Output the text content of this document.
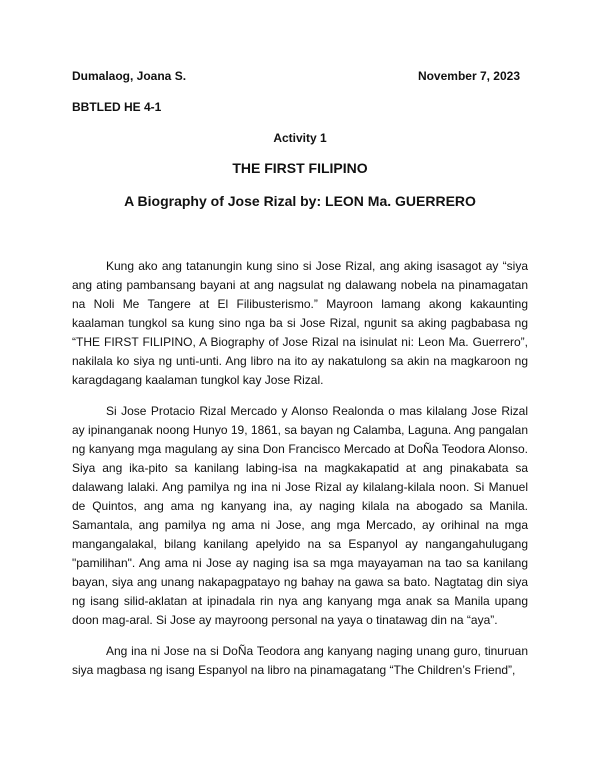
Dumalaog, Joana S.	November 7, 2023
BBTLED HE 4-1
Activity 1
THE FIRST FILIPINO
A Biography of Jose Rizal by: LEON Ma. GUERRERO

Kung ako ang tatanungin kung sino si Jose Rizal, ang aking isasagot ay “siya ang ating pambansang bayani at ang nagsulat ng dalawang nobela na pinamagatan na Noli Me Tangere at El Filibusterismo.” Mayroon lamang akong kakaunting kaalaman tungkol sa kung sino nga ba si Jose Rizal, ngunit sa aking pagbabasa ng “THE FIRST FILIPINO, A Biography of Jose Rizal na isinulat ni: Leon Ma. Guerrero”, nakilala ko siya ng unti-unti. Ang libro na ito ay nakatulong sa akin na magkaroon ng karagdagang kaalaman tungkol kay Jose Rizal.

Si Jose Protacio Rizal Mercado y Alonso Realonda o mas kilalang Jose Rizal ay ipinanganak noong Hunyo 19, 1861, sa bayan ng Calamba, Laguna. Ang pangalan ng kanyang mga magulang ay sina Don Francisco Mercado at DoÑa Teodora Alonso. Siya ang ika-pito sa kanilang labing-isa na magkakapatid at ang pinakabata sa dalawang lalaki. Ang pamilya ng ina ni Jose Rizal ay kilalang-kilala noon. Si Manuel de Quintos, ang ama ng kanyang ina, ay naging kilala na abogado sa Manila. Samantala, ang pamilya ng ama ni Jose, ang mga Mercado, ay orihinal na mga mangangalakal, bilang kanilang apelyido na sa Espanyol ay nangangahulugang "pamilihan". Ang ama ni Jose ay naging isa sa mga mayayaman na tao sa kanilang bayan, siya ang unang nakapagpatayo ng bahay na gawa sa bato. Nagtatag din siya ng isang silid-aklatan at ipinadala rin nya ang kanyang mga anak sa Manila upang doon mag-aral. Si Jose ay mayroong personal na yaya o tinatawag din na “aya”.

Ang ina ni Jose na si DoÑa Teodora ang kanyang naging unang guro, tinuruan siya magbasa ng isang Espanyol na libro na pinamagatang “The Children’s Friend”,
